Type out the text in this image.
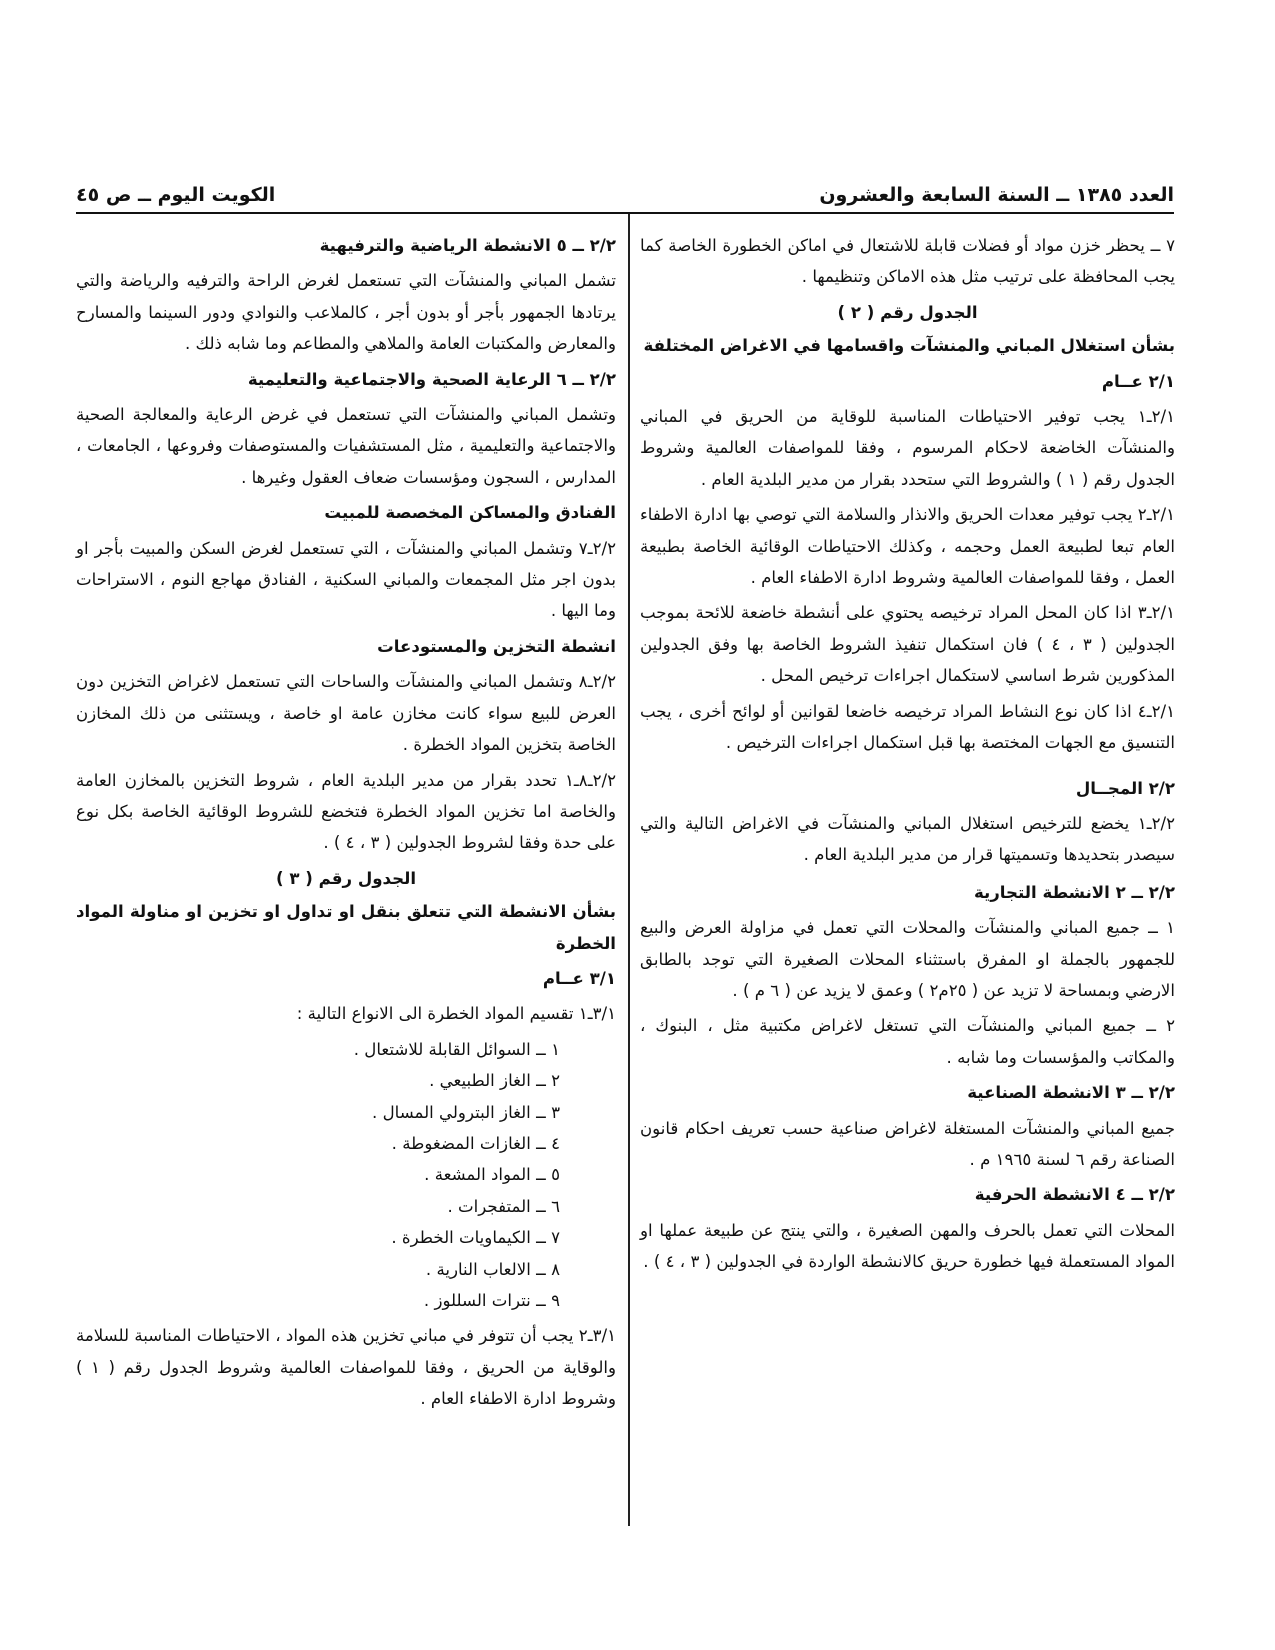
العدد ١٣٨٥ ــ السنة السابعة والعشرون
الكويت اليوم ــ ص ٤٥

٧ ــ يحظر خزن مواد أو فضلات قابلة للاشتعال في اماكن الخطورة الخاصة كما يجب المحافظة على ترتيب مثل هذه الاماكن وتنظيمها .

الجدول رقم ( ٢ )
بشأن استغلال المباني والمنشآت واقسامها في الاغراض المختلفة
٢/١ عــام

٢/١ـ١ يجب توفير الاحتياطات المناسبة للوقاية من الحريق في المباني والمنشآت الخاضعة لاحكام المرسوم ، وفقا للمواصفات العالمية وشروط الجدول رقم ( ١ ) والشروط التي ستحدد بقرار من مدير البلدية العام .

٢/١ـ٢ يجب توفير معدات الحريق والانذار والسلامة التي توصي بها ادارة الاطفاء العام تبعا لطبيعة العمل وحجمه ، وكذلك الاحتياطات الوقائية الخاصة بطبيعة العمل ، وفقا للمواصفات العالمية وشروط ادارة الاطفاء العام .

٢/١ـ٣ اذا كان المحل المراد ترخيصه يحتوي على أنشطة خاضعة للائحة بموجب الجدولين ( ٣ ، ٤ ) فان استكمال تنفيذ الشروط الخاصة بها وفق الجدولين المذكورين شرط اساسي لاستكمال اجراءات ترخيص المحل .

٢/١ـ٤ اذا كان نوع النشاط المراد ترخيصه خاضعا لقوانين أو لوائح أخرى ، يجب التنسيق مع الجهات المختصة بها قبل استكمال اجراءات الترخيص .

٢/٢ المجــال

٢/٢ـ١ يخضع للترخيص استغلال المباني والمنشآت في الاغراض التالية والتي سيصدر بتحديدها وتسميتها قرار من مدير البلدية العام .

٢/٢ ــ ٢ الانشطة التجارية

١ ــ جميع المباني والمنشآت والمحلات التي تعمل في مزاولة العرض والبيع للجمهور بالجملة او المفرق باستثناء المحلات الصغيرة التي توجد بالطابق الارضي وبمساحة لا تزيد عن ( ٢٥م٢ ) وعمق لا يزيد عن ( ٦ م ) .

٢ ــ جميع المباني والمنشآت التي تستغل لاغراض مكتبية مثل ، البنوك ، والمكاتب والمؤسسات وما شابه .

٢/٢ ــ ٣ الانشطة الصناعية

جميع المباني والمنشآت المستغلة لاغراض صناعية حسب تعريف احكام قانون الصناعة رقم ٦ لسنة ١٩٦٥ م .

٢/٢ ــ ٤ الانشطة الحرفية

المحلات التي تعمل بالحرف والمهن الصغيرة ، والتي ينتج عن طبيعة عملها او المواد المستعملة فيها خطورة حريق كالانشطة الواردة في الجدولين ( ٣ ، ٤ ) .

٢/٢ ــ ٥ الانشطة الرياضية والترفيهية

تشمل المباني والمنشآت التي تستعمل لغرض الراحة والترفيه والرياضة والتي يرتادها الجمهور بأجر أو بدون أجر ، كالملاعب والنوادي ودور السينما والمسارح والمعارض والمكتبات العامة والملاهي والمطاعم وما شابه ذلك .

٢/٢ ــ ٦ الرعاية الصحية والاجتماعية والتعليمية

وتشمل المباني والمنشآت التي تستعمل في غرض الرعاية والمعالجة الصحية والاجتماعية والتعليمية ، مثل المستشفيات والمستوصفات وفروعها ، الجامعات ، المدارس ، السجون ومؤسسات ضعاف العقول وغيرها .

الفنادق والمساكن المخصصة للمبيت

٢/٢ـ٧ وتشمل المباني والمنشآت ، التي تستعمل لغرض السكن والمبيت بأجر او بدون اجر مثل المجمعات والمباني السكنية ، الفنادق مهاجع النوم ، الاستراحات وما اليها .

انشطة التخزين والمستودعات

٢/٢ـ٨ وتشمل المباني والمنشآت والساحات التي تستعمل لاغراض التخزين دون العرض للبيع سواء كانت مخازن عامة او خاصة ، ويستثنى من ذلك المخازن الخاصة بتخزين المواد الخطرة .

٢/٢ـ٨ـ١ تحدد بقرار من مدير البلدية العام ، شروط التخزين بالمخازن العامة والخاصة اما تخزين المواد الخطرة فتخضع للشروط الوقائية الخاصة بكل نوع على حدة وفقا لشروط الجدولين ( ٣ ، ٤ ) .

الجدول رقم ( ٣ )
بشأن الانشطة التي تتعلق بنقل او تداول او تخزين او مناولة المواد الخطرة
٣/١ عــام

٣/١ـ١ تقسيم المواد الخطرة الى الانواع التالية :

١ ــ السوائل القابلة للاشتعال .
٢ ــ الغاز الطبيعي .
٣ ــ الغاز البترولي المسال .
٤ ــ الغازات المضغوطة .
٥ ــ المواد المشعة .
٦ ــ المتفجرات .
٧ ــ الكيماويات الخطرة .
٨ ــ الالعاب النارية .
٩ ــ نترات السللوز .

٣/١ـ٢ يجب أن تتوفر في مباني تخزين هذه المواد ، الاحتياطات المناسبة للسلامة والوقاية من الحريق ، وفقا للمواصفات العالمية وشروط الجدول رقم ( ١ ) وشروط ادارة الاطفاء العام .
